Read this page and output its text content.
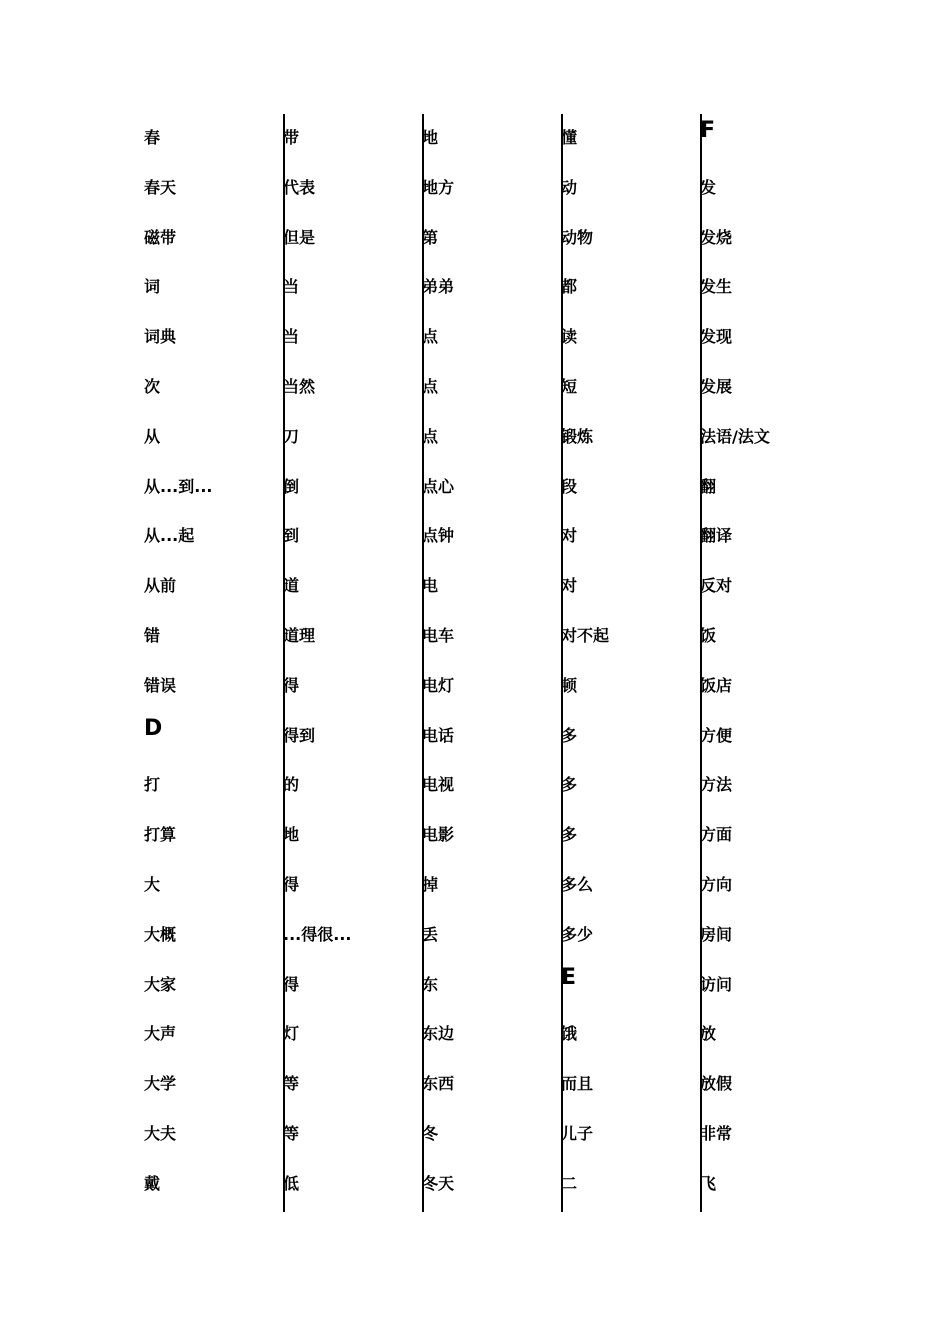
春
春天
磁带
词
词典
次
从
从...到...
从...起
从前
错
错误
D
打
打算
大
大概
大家
大声
大学
大夫
戴
带
代表
但是
当
当
当然
刀
倒
到
道
道理
得
得到
的
地
得
...得很...
得
灯
等
等
低
地
地方
第
弟弟
点
点
点
点心
点钟
电
电车
电灯
电话
电视
电影
掉
丢
东
东边
东西
冬
冬天
懂
动
动物
都
读
短
锻炼
段
对
对
对不起
顿
多
多
多
多么
多少
E
饿
而且
儿子
二
F
发
发烧
发生
发现
发展
法语/法文
翻
翻译
反对
饭
饭店
方便
方法
方面
方向
房间
访问
放
放假
非常
飞
